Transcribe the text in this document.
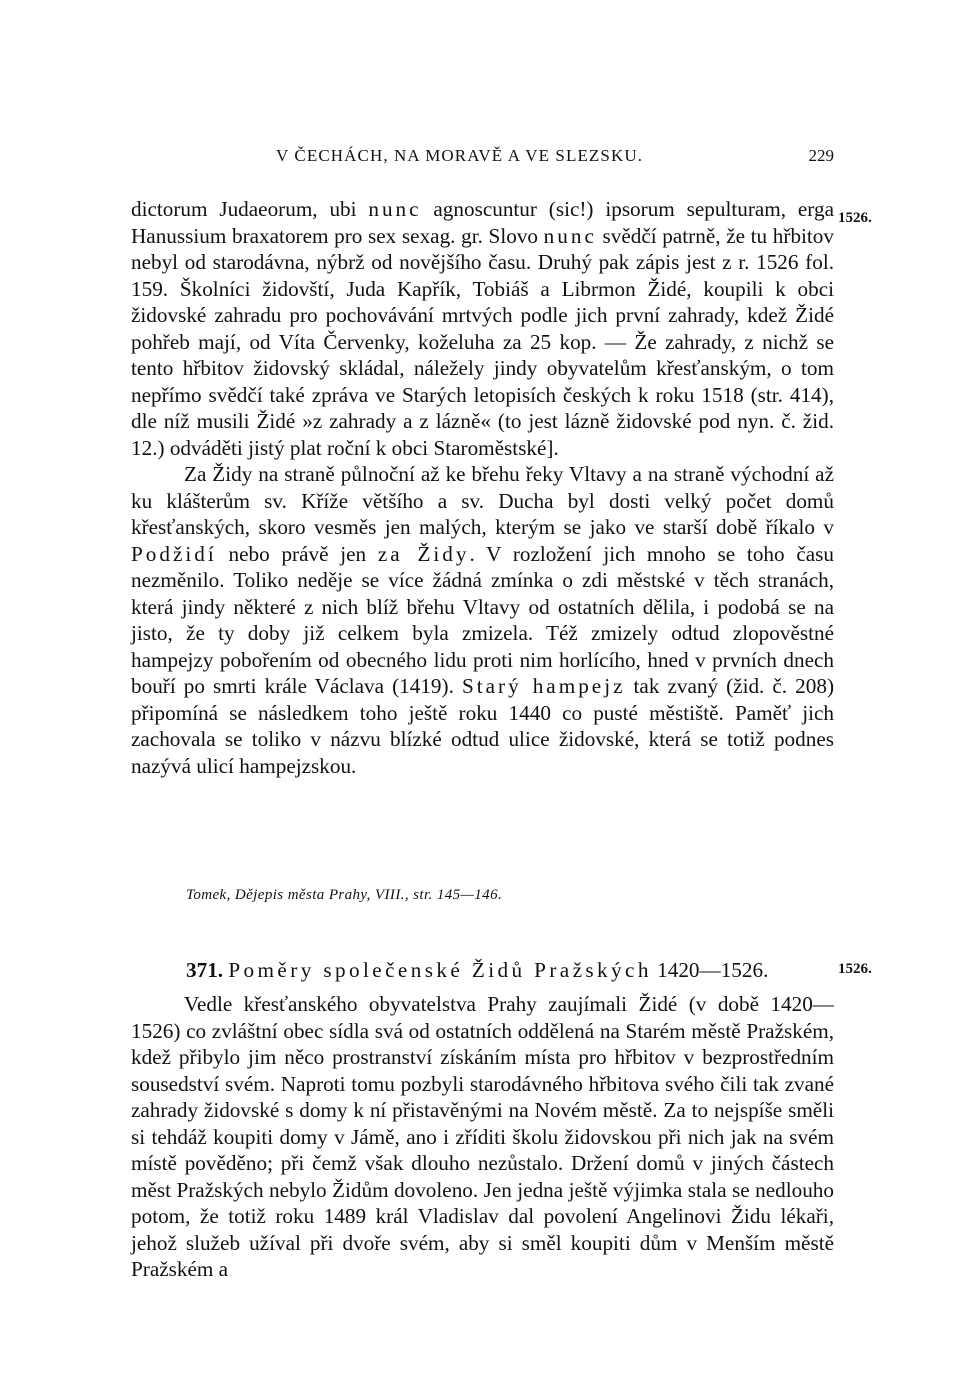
V ČECHÁCH, NA MORAVĚ A VE SLEZSKU.	229
1526.

dictorum Judaeorum, ubi nunc agnoscuntur (sic!) ipsorum sepulturam, erga Hanussium braxatorem pro sex sexag. gr. Slovo nunc svědčí patrně, že tu hřbitov nebyl od starodávna, nýbrž od novějšího času. Druhý pak zápis jest z r. 1526 fol. 159. Školníci židovští, Juda Kapřík, Tobiáš a Librmon Židé, koupili k obci židovské zahradu pro pochovávání mrtvých podle jich první zahrady, kdež Židé pohřeb mají, od Víta Červenky, koželuha za 25 kop. — Že zahrady, z nichž se tento hřbitov židovský skládal, náležely jindy obyvatelům křesťanským, o tom nepřímo svědčí také zpráva ve Starých letopisích českých k roku 1518 (str. 414), dle níž musili Židé »z zahrady a z lázně« (to jest lázně židovské pod nyn. č. žid. 12.) odváděti jistý plat roční k obci Staroměstské].

Za Židy na straně půlnoční až ke břehu řeky Vltavy a na straně východní až ku klášterům sv. Kříže většího a sv. Ducha byl dosti velký počet domů křesťanských, skoro vesměs jen malých, kterým se jako ve starší době říkalo v Podžidí nebo právě jen za Židy. V rozložení jich mnoho se toho času nezměnilo. Toliko neděje se více žádná zmínka o zdi městské v těch stranách, která jindy některé z nich blíž břehu Vltavy od ostatních dělila, i podobá se na jisto, že ty doby již celkem byla zmizela. Též zmizely odtud zlopověstné hampejzy pobořením od obecného lidu proti nim horlícího, hned v prvních dnech bouří po smrti krále Václava (1419). Starý hampejz tak zvaný (žid. č. 208) připomíná se následkem toho ještě roku 1440 co pusté městiště. Paměť jich zachovala se toliko v názvu blízké odtud ulice židovské, která se totiž podnes nazývá ulicí hampejzskou.

Tomek, Dějepis města Prahy, VIII., str. 145—146.
371. Poměry společenské Židů Pražských 1420—1526.	1526.

Vedle křesťanského obyvatelstva Prahy zaujímali Židé (v době 1420—1526) co zvláštní obec sídla svá od ostatních oddělená na Starém městě Pražském, kdež přibylo jim něco prostranství získáním místa pro hřbitov v bezprostředním sousedství svém. Naproti tomu pozbyli starodávného hřbitova svého čili tak zvané zahrady židovské s domy k ní přistavěnými na Novém městě. Za to nejspíše směli si tehdáž koupiti domy v Jámě, ano i zříditi školu židovskou při nich jak na svém místě pověděno; při čemž však dlouho nezůstalo. Držení domů v jiných částech měst Pražských nebylo Židům dovoleno. Jen jedna ještě výjimka stala se nedlouho potom, že totiž roku 1489 král Vladislav dal povolení Angelinovi Židu lékaři, jehož služeb užíval při dvoře svém, aby si směl koupiti dům v Menším městě Pražském a
